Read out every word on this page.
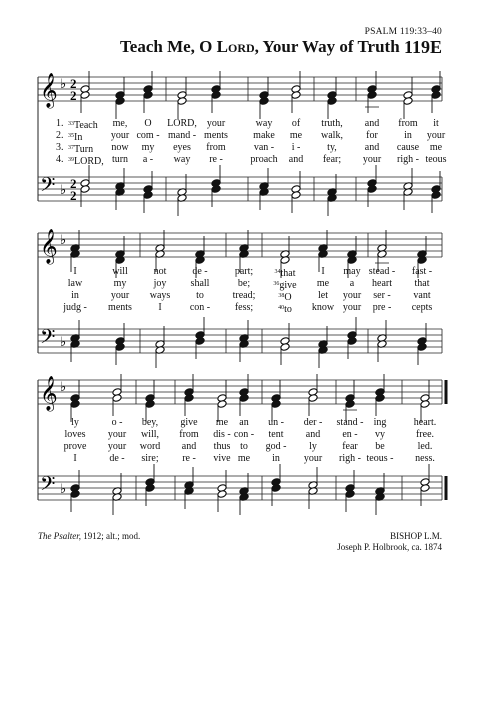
PSALM 119:33–40
Teach Me, O Lord, Your Way of Truth 119E
𝄞
𝄢
♭
♭
2
2
2
2
1. $^{33}$Teach me, O LORD, your	way of truth, and from it
2. $^{35}$In	your com - mand - ments	make me walk, for	in your
3. $^{37}$Turn now my eyes from	van - i -	ty,	and cause me
4. $^{39}$LORD, turn a - way re -	proach and fear; your righ - teous
𝄞
𝄢
♭
♭
I	will	not	de -	part;	$^{34}$that	I may stead - fast -
law	my	joy shall	be;	$^{36}$give me a heart that
in	your ways	to	tread;	$^{38}$O	let your ser - vant
judg - ments	I	con - fess;	$^{40}$to know your pre - cepts
𝄞
𝄢
♭
♭
ly	o - bey, give me an un - der - stand - ing	heart.
loves your will, from dis - con - tent and en - vy	free.
prove your word and thus to god - ly	fear be	led.
I	de - sire; re - vive me in your righ - teous - ness.
The Psalter, 1912; alt.; mod.	BISHOP L.M.
Joseph P. Holbrook, ca. 1874
